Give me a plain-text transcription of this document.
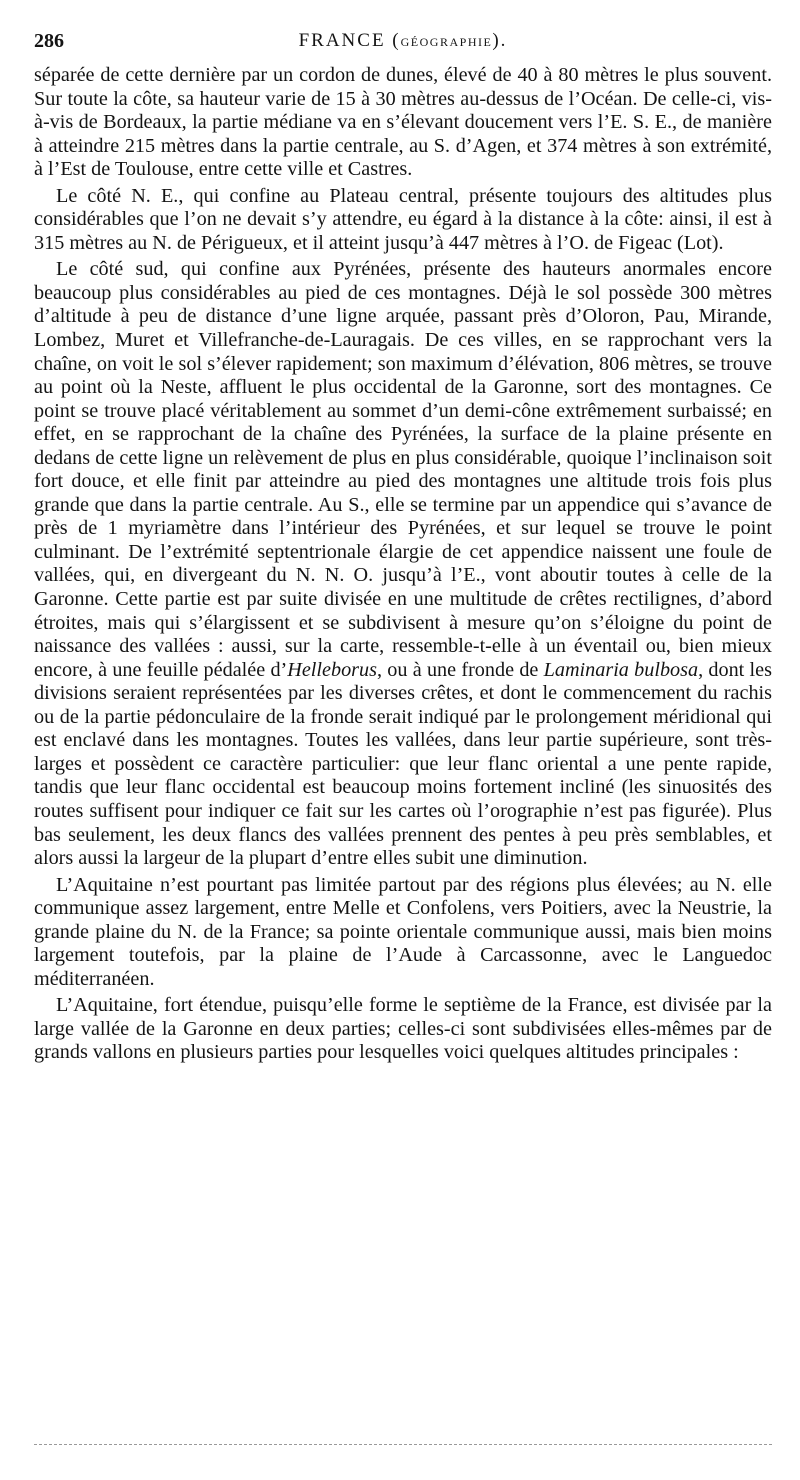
286	FRANCE (GÉOGRAPHIE).

séparée de cette dernière par un cordon de dunes, élevé de 40 à 80 mètres le plus souvent. Sur toute la côte, sa hauteur varie de 15 à 30 mètres au-dessus de l’Océan. De celle-ci, vis-à-vis de Bordeaux, la partie médiane va en s’élevant doucement vers l’E. S. E., de manière à atteindre 215 mètres dans la partie centrale, au S. d’Agen, et 374 mètres à son extrémité, à l’Est de Toulouse, entre cette ville et Castres.

Le côté N. E., qui confine au Plateau central, présente toujours des altitudes plus considérables que l’on ne devait s’y attendre, eu égard à la distance à la côte: ainsi, il est à 315 mètres au N. de Périgueux, et il atteint jusqu’à 447 mètres à l’O. de Figeac (Lot).

Le côté sud, qui confine aux Pyrénées, présente des hauteurs anormales encore beaucoup plus considérables au pied de ces montagnes. Déjà le sol possède 300 mètres d’altitude à peu de distance d’une ligne arquée, passant près d’Oloron, Pau, Mirande, Lombez, Muret et Villefranche-de-Lauragais. De ces villes, en se rapprochant vers la chaîne, on voit le sol s’élever rapidement; son maximum d’élévation, 806 mètres, se trouve au point où la Neste, affluent le plus occidental de la Garonne, sort des montagnes. Ce point se trouve placé véritablement au sommet d’un demi-cône extrêmement surbaissé; en effet, en se rapprochant de la chaîne des Pyrénées, la surface de la plaine présente en dedans de cette ligne un relèvement de plus en plus considérable, quoique l’inclinaison soit fort douce, et elle finit par atteindre au pied des montagnes une altitude trois fois plus grande que dans la partie centrale. Au S., elle se termine par un appendice qui s’avance de près de 1 myriamètre dans l’intérieur des Pyrénées, et sur lequel se trouve le point culminant. De l’extrémité septentrionale élargie de cet appendice naissent une foule de vallées, qui, en divergeant du N. N. O. jusqu’à l’E., vont aboutir toutes à celle de la Garonne. Cette partie est par suite divisée en une multitude de crêtes rectilignes, d’abord étroites, mais qui s’élargissent et se subdivisent à mesure qu’on s’éloigne du point de naissance des vallées : aussi, sur la carte, ressemble-t-elle à un éventail ou, bien mieux encore, à une feuille pédalée d’Helleborus, ou à une fronde de Laminaria bulbosa, dont les divisions seraient représentées par les diverses crêtes, et dont le commencement du rachis ou de la partie pédonculaire de la fronde serait indiqué par le prolongement méridional qui est enclavé dans les montagnes. Toutes les vallées, dans leur partie supérieure, sont très-larges et possèdent ce caractère particulier: que leur flanc oriental a une pente rapide, tandis que leur flanc occidental est beaucoup moins fortement incliné (les sinuosités des routes suffisent pour indiquer ce fait sur les cartes où l’orographie n’est pas figurée). Plus bas seulement, les deux flancs des vallées prennent des pentes à peu près semblables, et alors aussi la largeur de la plupart d’entre elles subit une diminution.

L’Aquitaine n’est pourtant pas limitée partout par des régions plus élevées; au N. elle communique assez largement, entre Melle et Confolens, vers Poitiers, avec la Neustrie, la grande plaine du N. de la France; sa pointe orientale communique aussi, mais bien moins largement toutefois, par la plaine de l’Aude à Carcassonne, avec le Languedoc méditerranéen.

L’Aquitaine, fort étendue, puisqu’elle forme le septième de la France, est divisée par la large vallée de la Garonne en deux parties; celles-ci sont subdivisées elles-mêmes par de grands vallons en plusieurs parties pour lesquelles voici quelques altitudes principales :
